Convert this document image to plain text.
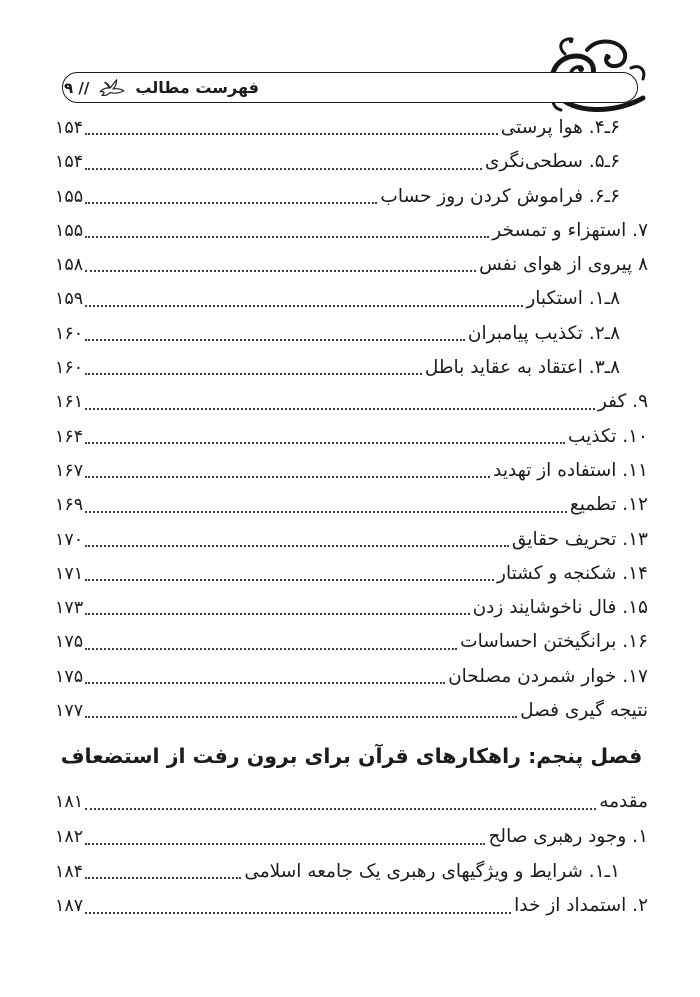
فهرست مطالب
// ۹
۶ـ۴. هوا پرستی
۱۵۴
۶ـ۵. سطحی‌نگری
۱۵۴
۶ـ۶. فراموش کردن روز حساب
۱۵۵
۷. استهزاء و تمسخر
۱۵۵
۸ پیروی از هوای نفس
۱۵۸
۸ـ۱. استکبار
۱۵۹
۸ـ۲. تکذیب پیامبران
۱۶۰
۸ـ۳. اعتقاد به عقاید باطل
۱۶۰
۹. کفر
۱۶۱
۱۰. تکذیب
۱۶۴
۱۱. استفاده از تهدید
۱۶۷
۱۲. تطمیع
۱۶۹
۱۳. تحریف حقایق
۱۷۰
۱۴. شکنجه و کشتار
۱۷۱
۱۵. فال ناخوشایند زدن
۱۷۳
۱۶. برانگیختن احساسات
۱۷۵
۱۷. خوار شمردن مصلحان
۱۷۵
نتیجه گیری فصل
۱۷۷
فصل پنجم: راهکارهای قرآن برای برون رفت از استضعاف
مقدمه
۱۸۱
۱. وجود رهبری صالح
۱۸۲
۱ـ۱. شرایط و ویژگیهای رهبری یک جامعه اسلامی
۱۸۴
۲. استمداد از خدا
۱۸۷
